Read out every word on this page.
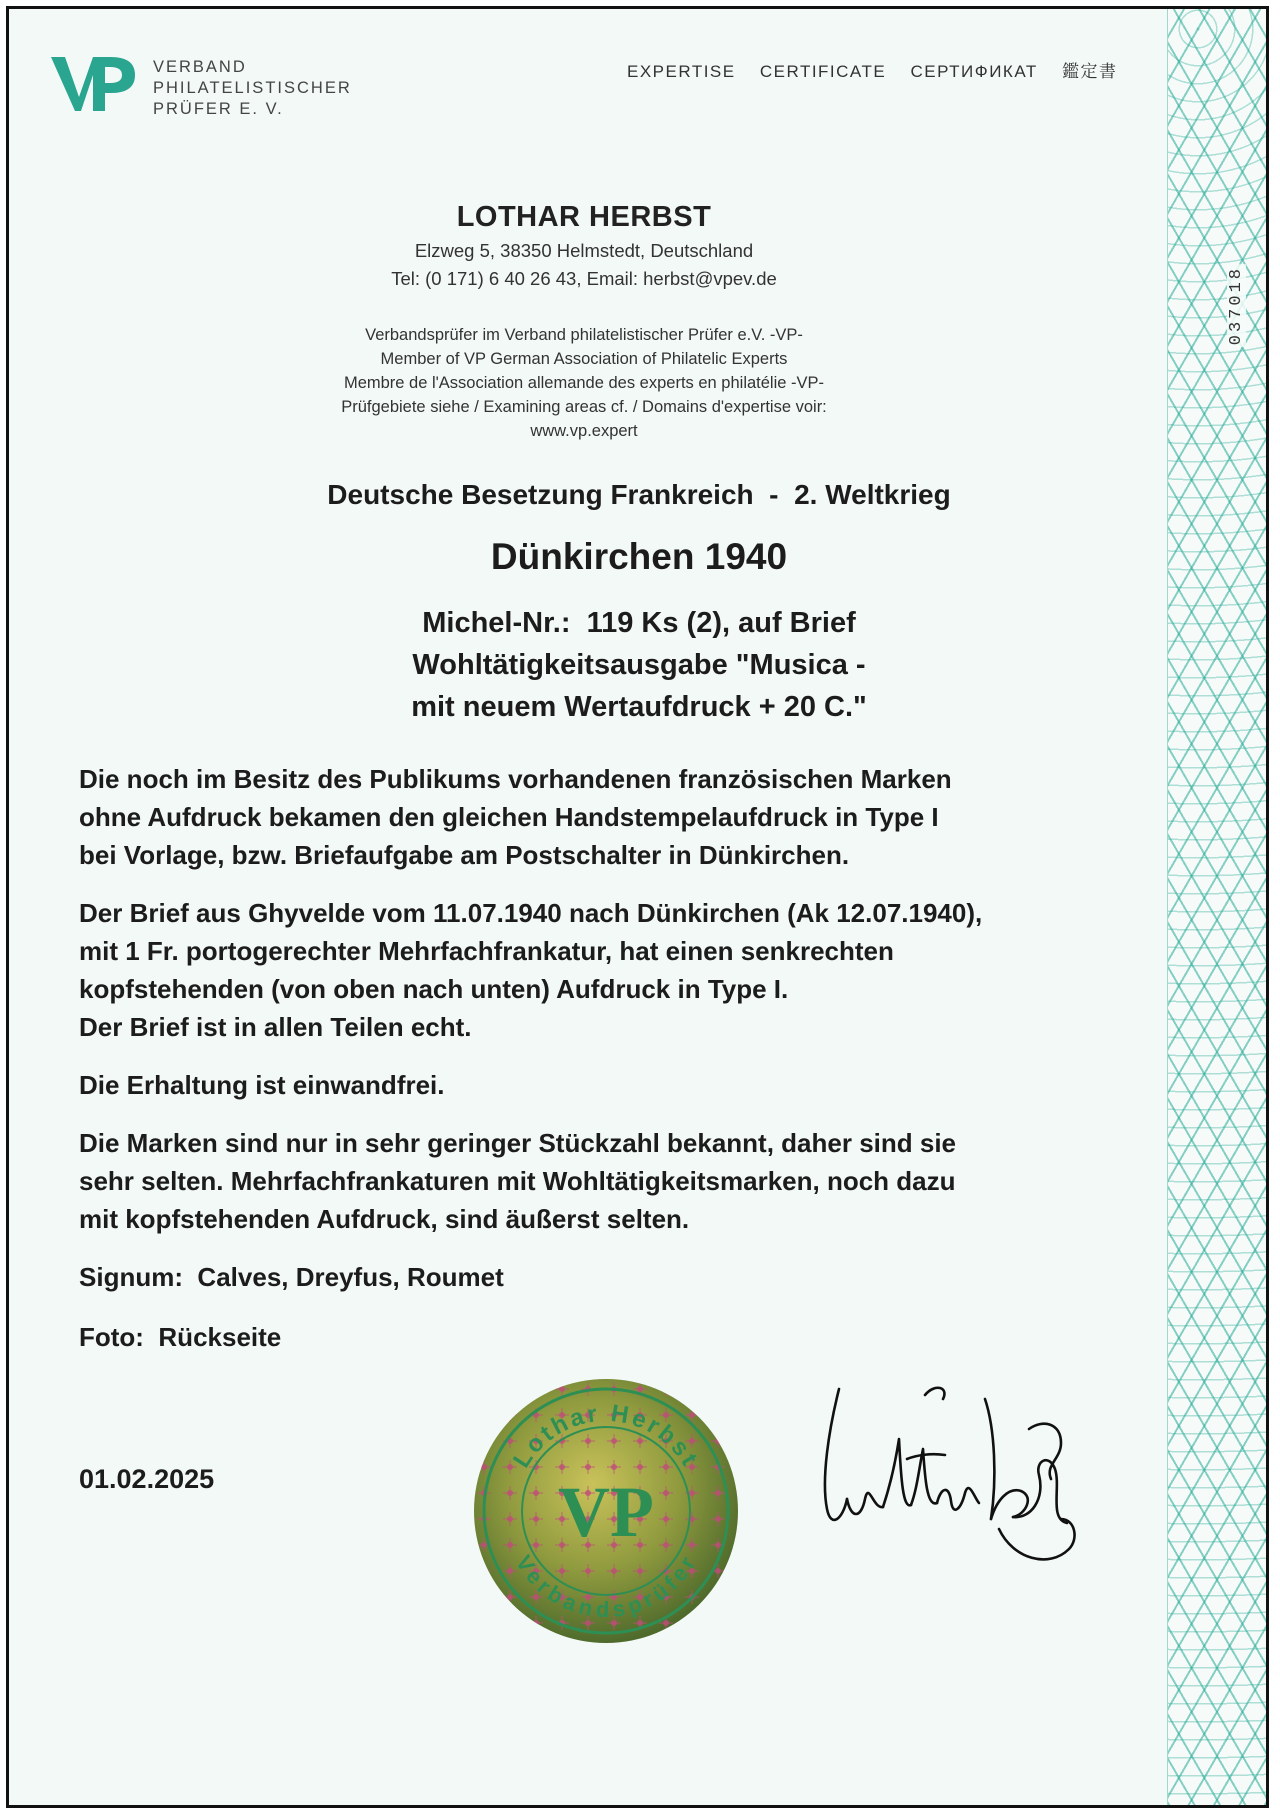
037018
VERBAND
PHILATELISTISCHER
PRÜFER E. V.
EXPERTISE CERTIFICATE СЕРТИФИКАТ 鑑定書
LOTHAR HERBST
Elzweg 5, 38350 Helmstedt, Deutschland
Tel: (0 171) 6 40 26 43, Email: herbst@vpev.de
Verbandsprüfer im Verband philatelistischer Prüfer e.V. -VP-
Member of VP German Association of Philatelic Experts
Membre de l'Association allemande des experts en philatélie -VP-
Prüfgebiete siehe / Examining areas cf. / Domains d'expertise voir:
www.vp.expert
Deutsche Besetzung Frankreich  -  2. Weltkrieg
Dünkirchen 1940
Michel-Nr.:  119 Ks (2), auf Brief
Wohltätigkeitsausgabe "Musica -
mit neuem Wertaufdruck + 20 C."

Die noch im Besitz des Publikums vorhandenen französischen Marken
ohne Aufdruck bekamen den gleichen Handstempelaufdruck in Type I
bei Vorlage, bzw. Briefaufgabe am Postschalter in Dünkirchen.

Der Brief aus Ghyvelde vom 11.07.1940 nach Dünkirchen (Ak 12.07.1940),
mit 1 Fr. portogerechter Mehrfachfrankatur, hat einen senkrechten
kopfstehenden (von oben nach unten) Aufdruck in Type I.
Der Brief ist in allen Teilen echt.

Die Erhaltung ist einwandfrei.

Die Marken sind nur in sehr geringer Stückzahl bekannt, daher sind sie
sehr selten. Mehrfachfrankaturen mit Wohltätigkeitsmarken, noch dazu
mit kopfstehenden Aufdruck, sind äußerst selten.

Signum:  Calves, Dreyfus, Roumet
Foto:  Rückseite
01.02.2025
Lothar Herbst
Verbandsprüfer
VP
